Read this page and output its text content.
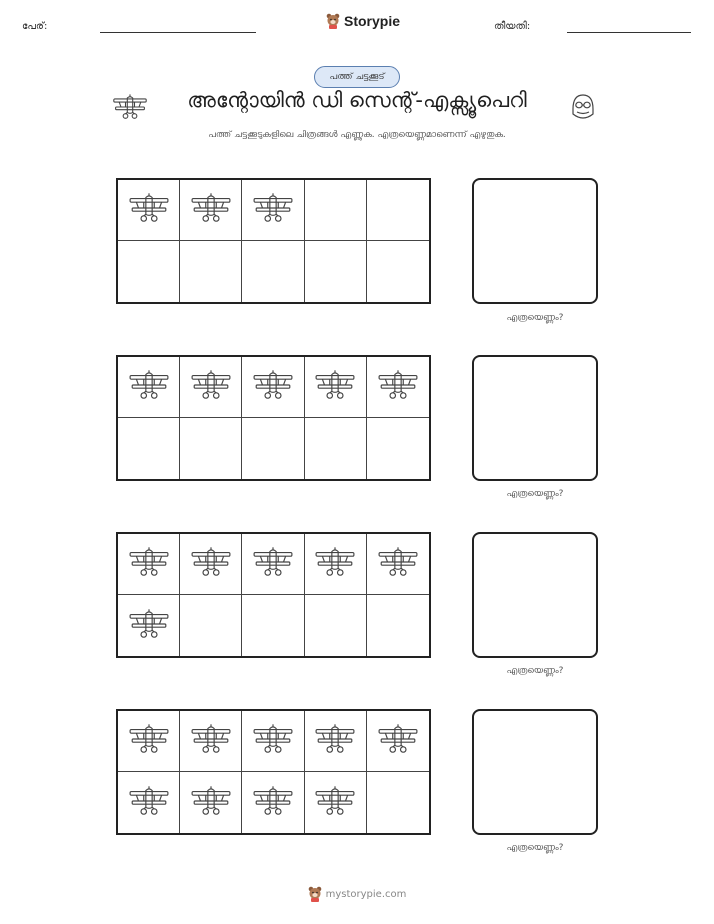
പേര്:	Storypie	തീയതി:
പത്ത് ചട്ടക്കൂട്
അന്റോയിൻ ഡി സെന്റ്-എക്സ്യൂപെറി
പത്ത് ചട്ടക്കൂടുകളിലെ ചിത്രങ്ങൾ എണ്ണുക. എത്രയെണ്ണമാണെന്ന് എഴുതുക.
എത്രയെണ്ണം?
എത്രയെണ്ണം?
എത്രയെണ്ണം?
എത്രയെണ്ണം?
mystorypie.com
